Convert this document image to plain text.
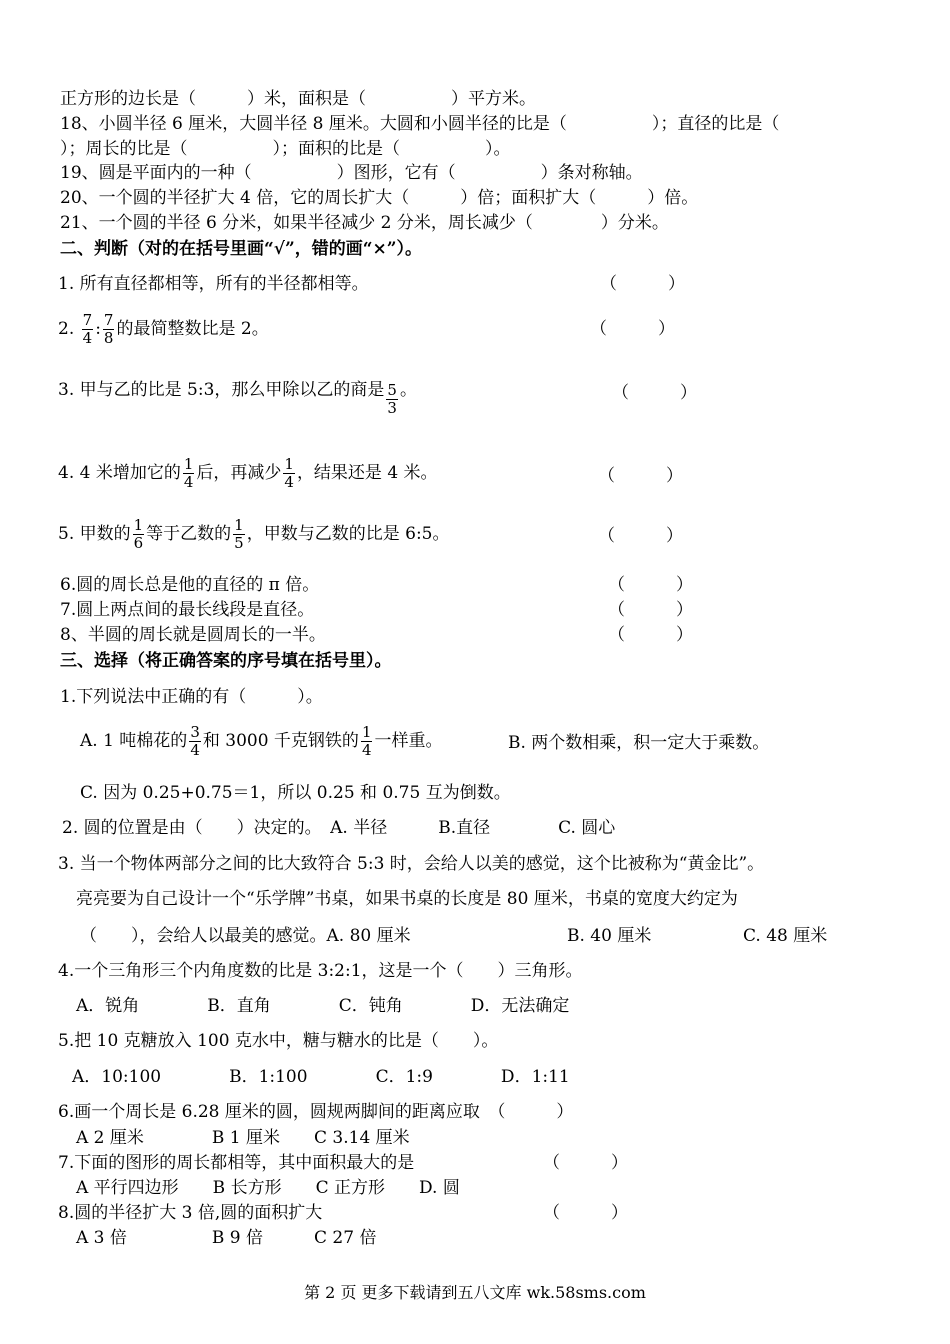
正方形的边长是（　　　）米，面积是（　　　　　）平方米。
18、小圆半径 6 厘米，大圆半径 8 厘米。大圆和小圆半径的比是（　　　　　）；直径的比是（
）；周长的比是（　　　　　）；面积的比是（　　　　　）。
19、圆是平面内的一种（　　　　　）图形，它有（　　　　　）条对称轴。
20、一个圆的半径扩大 4 倍，它的周长扩大（　　　）倍；面积扩大（　　　）倍。
21、一个圆的半径 6 分米，如果半径减少 2 分米，周长减少（　　　　）分米。
二、判断（对的在括号里画“√”，错的画“×”）。
1. 所有直径都相等，所有的半径都相等。	（　　　）
2. $\frac{7}{4}$ : $\frac{7}{8}$ 的最简整数比是 2。	（　　　）
3. 甲与乙的比是 5:3，那么甲除以乙的商是 $\frac{5}{3}$ 。	（　　　）
4. 4 米增加它的 $\frac{1}{4}$ 后，再减少 $\frac{1}{4}$ ，结果还是 4 米。	（　　　）
5. 甲数的 $\frac{1}{6}$ 等于乙数的 $\frac{1}{5}$ ，甲数与乙数的比是 6:5。	（　　　）
6.圆的周长总是他的直径的 π 倍。	（　　　）
7.圆上两点间的最长线段是直径。	（　　　）
8、半圆的周长就是圆周长的一半。	（　　　）
三、选择（将正确答案的序号填在括号里）。
1.下列说法中正确的有（　　　）。
A. 1 吨棉花的 $\frac{3}{4}$ 和 3000 千克钢铁的 $\frac{1}{4}$ 一样重。	B. 两个数相乘，积一定大于乘数。
C. 因为 0.25+0.75＝1，所以 0.25 和 0.75 互为倒数。
2. 圆的位置是由（　　）决定的。　A. 半径　　　B.直径　　　　C. 圆心
3. 当一个物体两部分之间的比大致符合 5:3 时，会给人以美的感觉，这个比被称为“黄金比”。
亮亮要为自己设计一个“乐学牌”书桌，如果书桌的长度是 80 厘米，书桌的宽度大约定为
（　　），会给人以最美的感觉。A. 80 厘米	B. 40 厘米	C. 48 厘米
4.一个三角形三个内角度数的比是 3:2:1，这是一个（　　）三角形。
A．锐角　　　　B．直角　　　　C．钝角　　　　D．无法确定
5.把 10 克糖放入 100 克水中，糖与糖水的比是（　　）。
A．10:100　　　　B．1:100　　　　C．1:9　　　　D．1:11
6.画一个周长是 6.28 厘米的圆，圆规两脚间的距离应取　（　　　）
A 2 厘米　　　　B 1 厘米　　C 3.14 厘米
7.下面的图形的周长都相等，其中面积最大的是	（　　　）
A 平行四边形　　B 长方形　　C 正方形　　D. 圆
8.圆的半径扩大 3 倍,圆的面积扩大	（　　　）
A 3 倍　　　　　B 9 倍　　　C 27 倍
第 2 页 更多下载请到五八文库 wk.58sms.com
